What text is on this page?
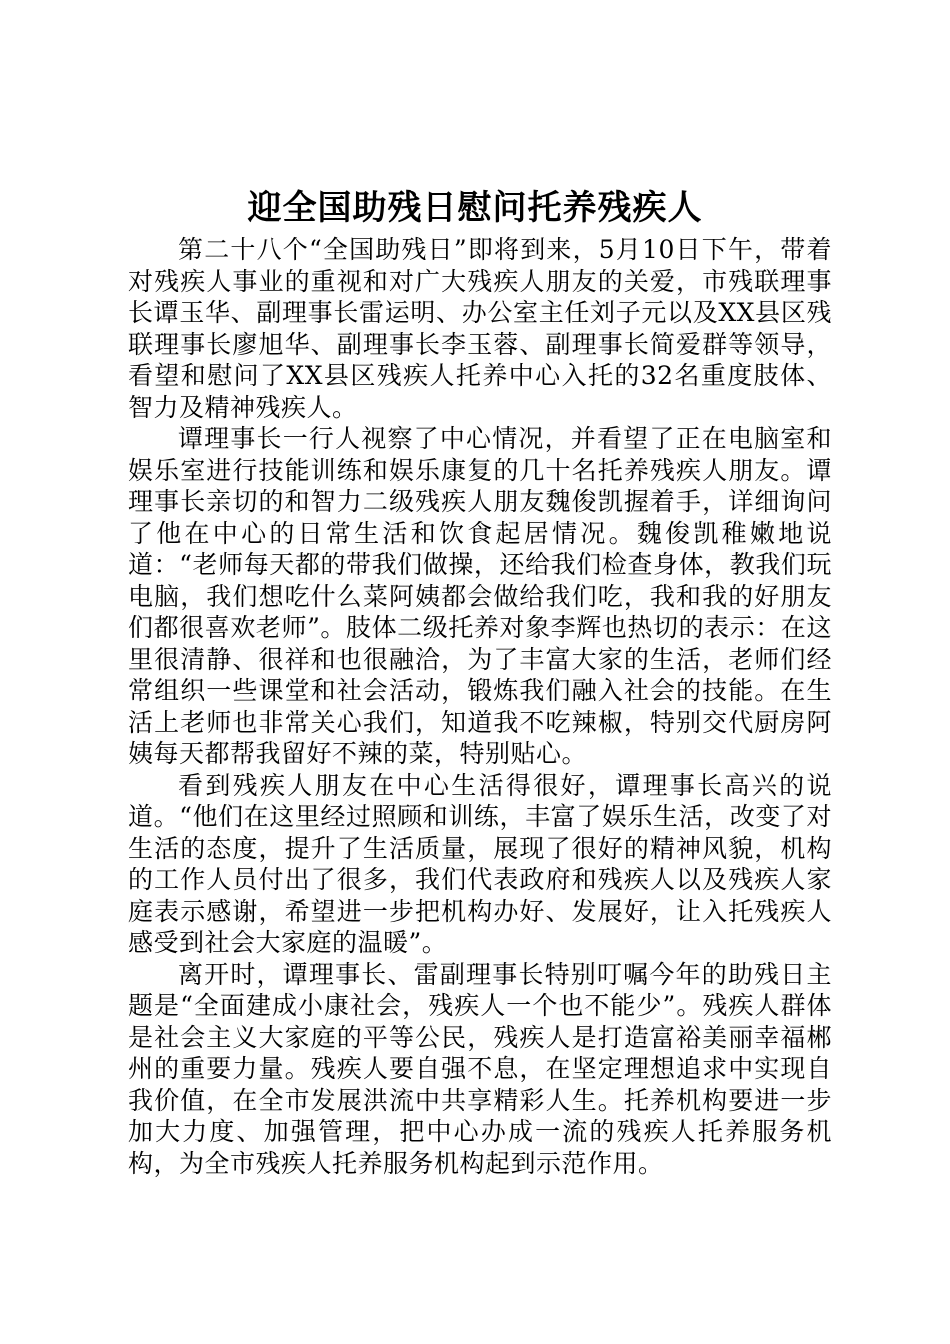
迎全国助残日慰问托养残疾人

第二十八个“全国助残日”即将到来，5月10日下午，带着对残疾人事业的重视和对广大残疾人朋友的关爱，市残联理事长谭玉华、副理事长雷运明、办公室主任刘子元以及XX县区残联理事长廖旭华、副理事长李玉蓉、副理事长简爱群等领导，看望和慰问了XX县区残疾人托养中心入托的32名重度肢体、智力及精神残疾人。

谭理事长一行人视察了中心情况，并看望了正在电脑室和娱乐室进行技能训练和娱乐康复的几十名托养残疾人朋友。谭理事长亲切的和智力二级残疾人朋友魏俊凯握着手，详细询问了他在中心的日常生活和饮食起居情况。魏俊凯稚嫩地说道：“老师每天都的带我们做操，还给我们检查身体，教我们玩电脑，我们想吃什么菜阿姨都会做给我们吃，我和我的好朋友们都很喜欢老师”。肢体二级托养对象李辉也热切的表示：在这里很清静、很祥和也很融洽，为了丰富大家的生活，老师们经常组织一些课堂和社会活动，锻炼我们融入社会的技能。在生活上老师也非常关心我们，知道我不吃辣椒，特别交代厨房阿姨每天都帮我留好不辣的菜，特别贴心。

看到残疾人朋友在中心生活得很好，谭理事长高兴的说道。“他们在这里经过照顾和训练，丰富了娱乐生活，改变了对生活的态度，提升了生活质量，展现了很好的精神风貌，机构的工作人员付出了很多，我们代表政府和残疾人以及残疾人家庭表示感谢，希望进一步把机构办好、发展好，让入托残疾人感受到社会大家庭的温暖”。

离开时，谭理事长、雷副理事长特别叮嘱今年的助残日主题是“全面建成小康社会，残疾人一个也不能少”。残疾人群体是社会主义大家庭的平等公民，残疾人是打造富裕美丽幸福郴州的重要力量。残疾人要自强不息，在坚定理想追求中实现自我价值，在全市发展洪流中共享精彩人生。托养机构要进一步加大力度、加强管理，把中心办成一流的残疾人托养服务机构，为全市残疾人托养服务机构起到示范作用。
